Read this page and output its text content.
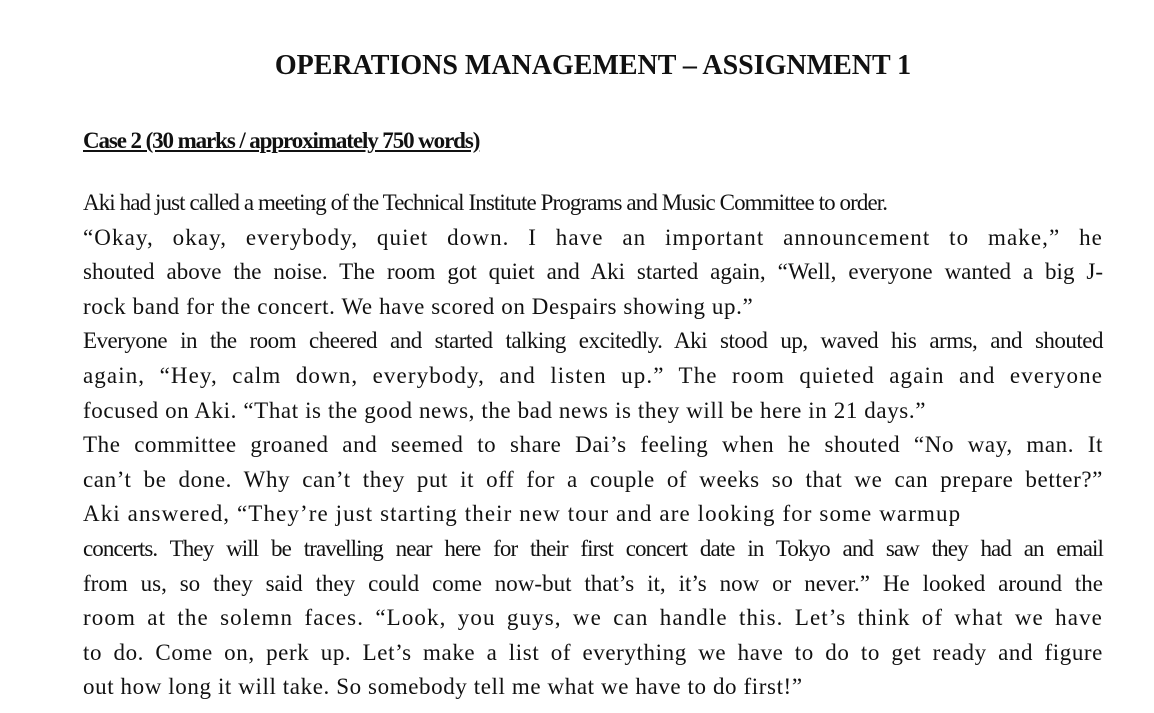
OPERATIONS MANAGEMENT – ASSIGNMENT 1
Case 2 (30 marks / approximately 750 words)
Aki had just called a meeting of the Technical Institute Programs and Music Committee to order.
“Okay, okay, everybody, quiet down. I have an important announcement to make,” he
shouted above the noise. The room got quiet and Aki started again, “Well, everyone wanted a big J-
rock band for the concert. We have scored on Despairs showing up.”
Everyone in the room cheered and started talking excitedly. Aki stood up, waved his arms, and shouted
again, “Hey, calm down, everybody, and listen up.” The room quieted again and everyone
focused on Aki. “That is the good news, the bad news is they will be here in 21 days.”
The committee groaned and seemed to share Dai’s feeling when he shouted “No way, man. It
can’t be done. Why can’t they put it off for a couple of weeks so that we can prepare better?”
Aki answered, “They’re just starting their new tour and are looking for some warmup
concerts. They will be travelling near here for their first concert date in Tokyo and saw they had an email
from us, so they said they could come now-but that’s it, it’s now or never.” He looked around the
room at the solemn faces. “Look, you guys, we can handle this. Let’s think of what we have
to do. Come on, perk up. Let’s make a list of everything we have to do to get ready and figure
out how long it will take. So somebody tell me what we have to do first!”
